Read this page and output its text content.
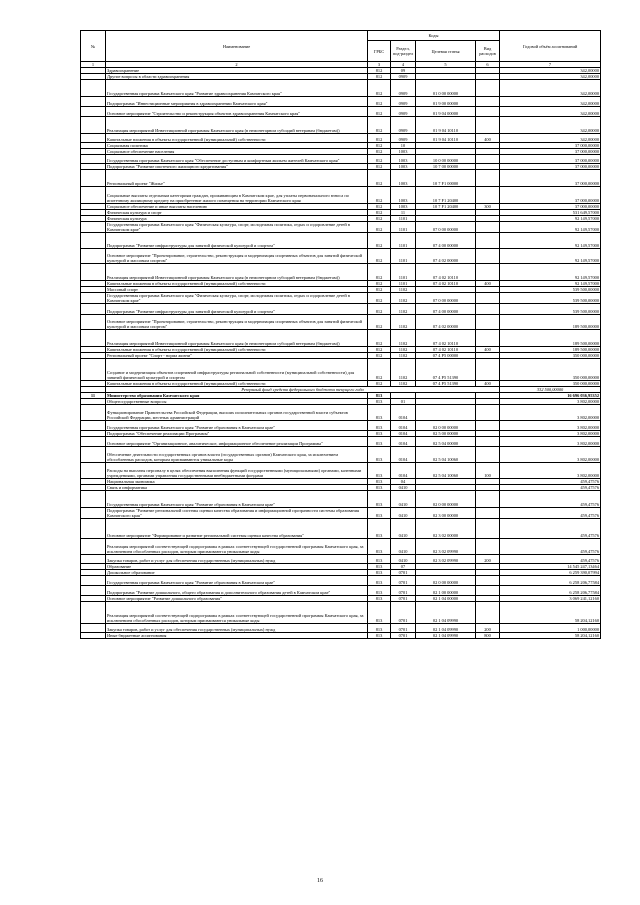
№	Наименование	Коды				Годовой объём ассигнований
		ГРБС	Раздел, под-раздел	Целевая статья	Вид расходов	
1	2	3	4	5	6	7
	Здравоохранение	812	09			342,00000
	Другие вопросы в области здравоохранения	812	0909			342,00000
	Государственная программа Камчатского края "Развитие здравоохранения Камчатского края"	812	0909	01 0 00 00000		342,00000
	Подпрограмма "Инвестиционные мероприятия в здравоохранении Камчатского края"	812	0909	01 9 00 00000		342,00000
	Основное мероприятие "Строительство и реконструкция объектов здравоохранения Камчатского края"	812	0909	01 9 04 00000		342,00000
	Реализация мероприятий Инвестиционной программы Камчатского края (в немонетарном субсидий ветеранам (бюджетам))	812	0909	01 9 04 10110		342,00000
	Капитальные вложения в объекты государственной (муниципальной) собственности	812	0909	01 9 04 10110	400	342,00000
	Социальная политика	812	10			37 000,00000
	Социальное обеспечение населения	812	1003			37 000,00000
	Государственная программа Камчатского края "Обеспечение доступным и комфортным жильем жителей Камчатского края"	812	1003	10 0 00 00000		37 000,00000
	Подпрограмма "Развитие ипотечного жилищного кредитования"	812	1003	10 7 00 00000		37 000,00000
	Региональный проект "Жилье"	812	1003	10 7 F1 00000		37 000,00000
	Социальные выплаты отдельным категориям граждан, проживающим в Камчатском крае, для уплаты первоначального взноса по ипотечному жилищному кредиту на приобретение жилого помещения на территории Камчатского края	812	1003	10 7 F1 20400		37 000,00000
	Социальное обеспечение и иные выплаты населению	812	1003	10 7 F1 20400	300	37 000,00000
	Физическая культура и спорт	812	11			531 649,57000
	Физическая культура	812	1101			92 149,57000
	Государственная программа Камчатского края "Физическая культура, спорт, молодежная политика, отдых и оздоровление детей в Камчатском крае"	812	1101	07 0 00 00000		92 149,57000
	Подпрограмма "Развитие инфраструктуры для занятий физической культурой и спортом"	812	1101	07 4 00 00000		92 149,57000
	Основное мероприятие "Проектирование, строительство, реконструкция и модернизация спортивных объектов для занятий физической культурой и массовым спортом"	812	1101	07 4 02 00000		92 149,57000
	Реализация мероприятий Инвестиционной программы Камчатского края (в немонетарном субсидий ветеранам (бюджетам))	812	1101	07 4 02 10110		92 149,57000
	Капитальные вложения в объекты государственной (муниципальной) собственности	812	1101	07 4 02 10110	400	92 149,57000
	Массовый спорт	812	1102			539 500,00000
	Государственная программа Камчатского края "Физическая культура, спорт, молодежная политика, отдых и оздоровление детей в Камчатском крае"	812	1102	07 0 00 00000		539 500,00000
	Подпрограмма "Развитие инфраструктуры для занятий физической культурой и спортом"	812	1102	07 4 00 00000		539 500,00000
	Основное мероприятие "Проектирование, строительство, реконструкция и модернизация спортивных объектов для занятий физической культурой и массовым спортом"	812	1102	07 4 02 00000		189 500,00000
	Реализация мероприятий Инвестиционной программы Камчатского края (в немонетарном субсидий ветеранам (бюджетам))	812	1102	07 4 02 10110		189 500,00000
	Капитальные вложения в объекты государственной (муниципальной) собственности	812	1102	07 4 02 10110	400	189 500,00000
	Региональный проект "Спорт - норма жизни"	812	1102	07 4 P5 00000		350 000,00000
	Создание и модернизация объектов спортивной инфраструктуры региональной собственности (муниципальной собственности) для занятий физической культурой и спортом	812	1102	07 4 P5 51390		350 000,00000
	Капитальные вложения в объекты государственной (муниципальной) собственности	812	1102	07 4 P5 51390	400	350 000,00000
	Резервный фонд средств федерального бюджета текущего года					332 500,00000
11	Министерство образования Камчатского края	813				16 696 036,95352
	Общегосударственные вопросы	813	01			3 802,00000
	Функционирование Правительства Российской Федерации, высших исполнительных органов государственной власти субъектов Российской Федерации, местных администраций	813	0104			3 802,00000
	Государственная программа Камчатского края "Развитие образования в Камчатском крае"	813	0104	02 0 00 00000		3 802,00000
	Подпрограмма "Обеспечение реализации Программы"	813	0104	02 5 00 00000		3 802,00000
	Основное мероприятие "Организационное, аналитическое, информационное обеспечение реализации Программы"	813	0104	02 5 04 00000		3 802,00000
	Обеспечение деятельности государственных органов власти (государственных органов) Камчатского края, за исключением обособленных расходов, которым присваиваются уникальные коды	813	0104	02 5 04 10060		3 802,00000
	Расходы на выплаты персоналу в целях обеспечения выполнения функций государственными (муниципальными) органами, казенными учреждениями, органами управления государственными внебюджетными фондами	813	0104	02 5 04 10060	100	3 802,00000
	Национальная экономика	813	04			459,47576
	Связь и информатика	813	0410			459,47576
	Государственная программа Камчатского края "Развитие образования в Камчатском крае"	813	0410	02 0 00 00000		459,47576
	Подпрограмма "Развитие региональной системы оценки качества образования и информационной прозрачности системы образования Камчатского края"	813	0410	02 3 00 00000		459,47576
	Основное мероприятие "Формирование и развитие региональной системы оценки качества образования"	813	0410	02 3 02 00000		459,47576
	Реализация мероприятий соответствующей подпрограммы в рамках соответствующей государственной программы Камчатского края, за исключением обособленных расходов, которым присваиваются уникальные коды	813	0410	02 3 02 09990		459,47576
	Закупка товаров, работ и услуг для обеспечения государственных (муниципальных) нужд	813	0410	02 3 02 09990	200	459,47576
	Образование	813	07			14 545 247,13464
	Дошкольное образование	813	0701			6 259 390,07994
	Государственная программа Камчатского края "Развитие образования в Камчатском крае"	813	0701	02 0 00 00000		6 258 206,77584
	Подпрограмма "Развитие дошкольного, общего образования и дополнительного образования детей в Камчатском крае"	813	0701	02 1 00 00000		6 258 206,77584
	Основное мероприятие "Развитие дошкольного образования"	813	0701	02 1 04 00000		3 069 241,12160
	Реализация мероприятий соответствующей подпрограммы в рамках соответствующей государственной программы Камчатского края, за исключением обособленных расходов, которым присваиваются уникальные коды	813	0701	02 1 04 09990		58 204,12160
	Закупка товаров, работ и услуг для обеспечения государственных (муниципальных) нужд	813	0701	02 1 04 09990	200	1 000,00000
	Иные бюджетные ассигнования	813	0701	02 1 04 09990	800	58 204,12160
16
